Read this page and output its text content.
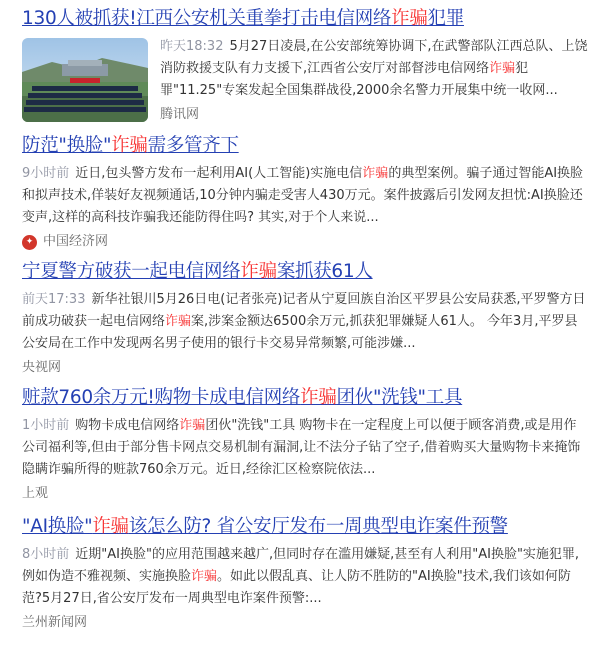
130人被抓获!江西公安机关重拳打击电信网络诈骗犯罪
昨天18:32 5月27日凌晨,在公安部统筹协调下,在武警部队江西总队、上饶消防救援支队有力支援下,江西省公安厅对部督涉电信网络诈骗犯罪"11.25"专案发起全国集群战役,2000余名警力开展集中统一收网...
腾讯网
防范"换脸"诈骗需多管齐下
9小时前 近日,包头警方发布一起利用AI(人工智能)实施电信诈骗的典型案例。骗子通过智能AI换脸和拟声技术,佯装好友视频通话,10分钟内骗走受害人430万元。案件披露后引发网友担忧:AI换脸还变声,这样的高科技诈骗我还能防得住吗? 其实,对于个人来说...
✦ 中国经济网
宁夏警方破获一起电信网络诈骗案抓获61人
前天17:33 新华社银川5月26日电(记者张亮)记者从宁夏回族自治区平罗县公安局获悉,平罗警方日前成功破获一起电信网络诈骗案,涉案金额达6500余万元,抓获犯罪嫌疑人61人。 今年3月,平罗县公安局在工作中发现两名男子使用的银行卡交易异常频繁,可能涉嫌...
央视网
赃款760余万元!购物卡成电信网络诈骗团伙"洗钱"工具
1小时前 购物卡成电信网络诈骗团伙"洗钱"工具 购物卡在一定程度上可以便于顾客消费,或是用作公司福利等,但由于部分售卡网点交易机制有漏洞,让不法分子钻了空子,借着购买大量购物卡来掩饰隐瞒诈骗所得的赃款760余万元。近日,经徐汇区检察院依法...
上观
"AI换脸"诈骗该怎么防? 省公安厅发布一周典型电诈案件预警
8小时前 近期"AI换脸"的应用范围越来越广,但同时存在滥用嫌疑,甚至有人利用"AI换脸"实施犯罪,例如伪造不雅视频、实施换脸诈骗。如此以假乱真、让人防不胜防的"AI换脸"技术,我们该如何防范?5月27日,省公安厅发布一周典型电诈案件预警:...
兰州新闻网
